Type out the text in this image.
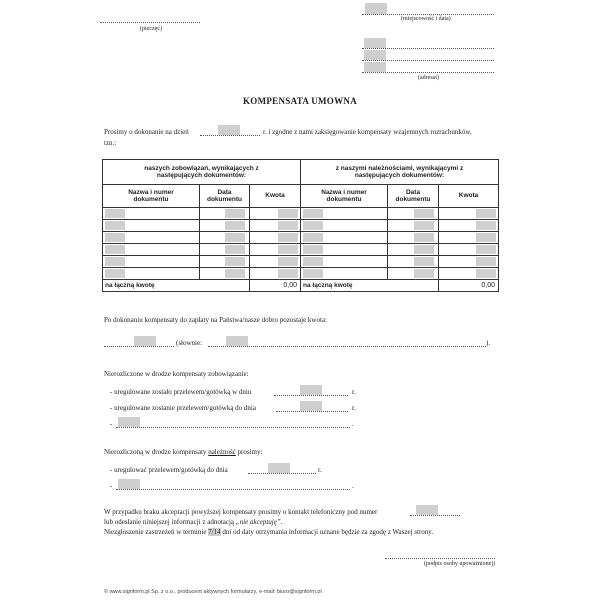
(pieczęć)
(miejscowość i data)
(adresat)
KOMPENSATA UMOWNA
Prosimy o dokonanie na dzień	r. i zgodne z nami zaksięgowanie kompensaty wzajemnych rozrachunków,
tzn.:
naszych zobowiązań, wynikających z następujących dokumentów:			z naszymi należnościami, wynikającymi z następujących dokumentów:		

Nazwa i numer dokumentu	Data dokumentu	Kwota	Nazwa i numer dokumentu	Data dokumentu	Kwota

na łączną kwotę		0,00	na łączną kwotę		0,00
Po dokonaniu kompensaty do zapłaty na Państwa/nasze dobro pozostaje kwota:
(słownie:	).
Nierozliczone w drodze kompensaty zobowiązanie:
- uregulowane zostało przelewem/gotówką w dniu	r.
- uregulowane zostanie przelewem/gotówką do dnia	r.
-	.
Nierozliczoną w drodze kompensaty należność prosimy:
- uregulować przelewem/gotówką do dnia	r.
-	.
W przypadku braku akceptacji powyższej kompensaty prosimy o kontakt telefoniczny pod numer
lub odesłanie niniejszej informacji z adnotacją „nie akceptuję”.
Niezgłoszenie zastrzeżeń w terminie 7/14 dni od daty otrzymania informacji uznane będzie za zgodę z Waszej strony.
(podpis osoby upoważnionej)
© www.signform.pl Sp. z o.o., producent aktywnych formularzy, e-mail: biuro@signform.pl
